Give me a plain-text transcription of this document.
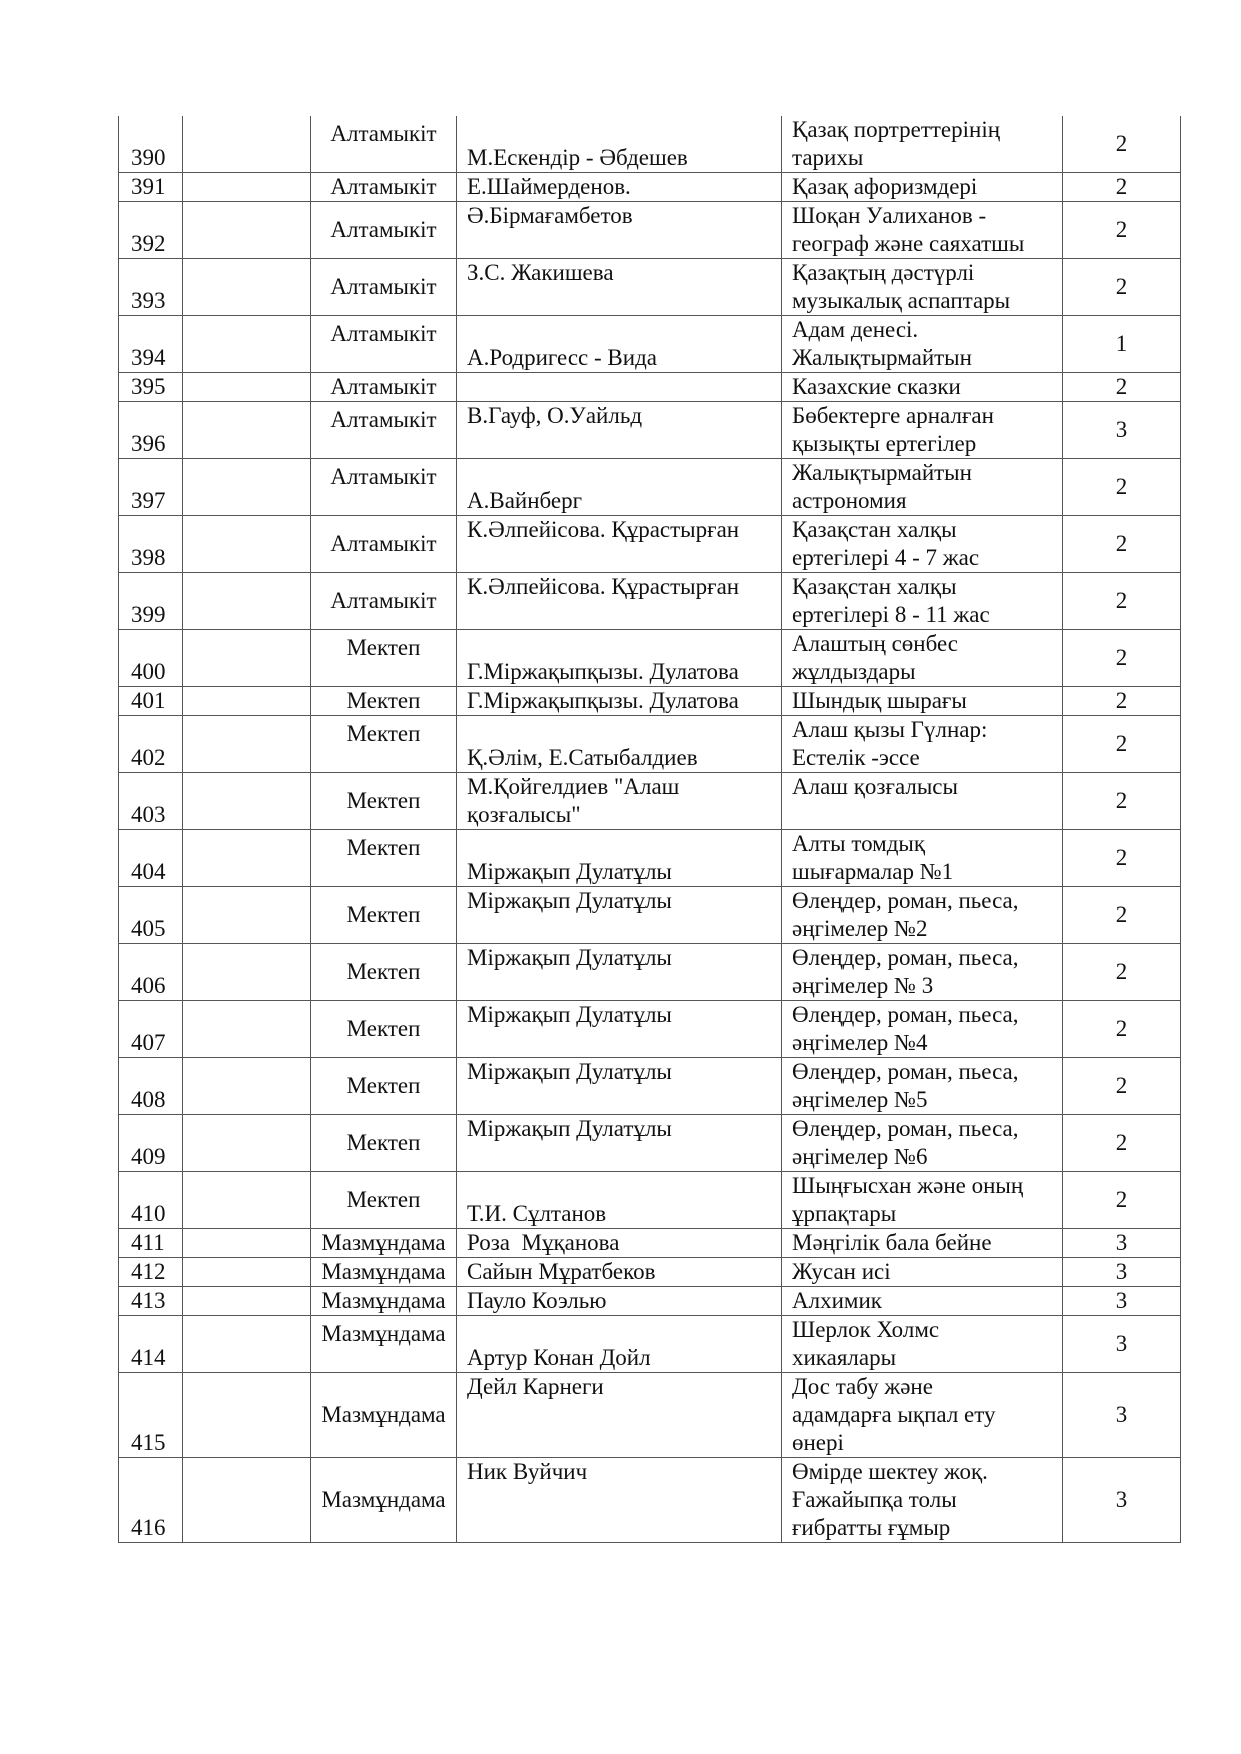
390		Алтамыкіт	М.Ескендір - Әбдешев	Қазақ портреттерінің
тарихы	2
391		Алтамыкіт	Е.Шаймерденов.	Қазақ афоризмдері	2
392		Алтамыкіт	Ә.Бірмағамбетов	Шоқан Уалиханов -
географ және саяхатшы	2
393		Алтамыкіт	З.С. Жакишева	Қазақтың дәстүрлі
музыкалық аспаптары	2
394		Алтамыкіт	А.Родригесс - Вида	Адам денесі.
Жалықтырмайтын	1
395		Алтамыкіт		Казахские сказки	2
396		Алтамыкіт	В.Гауф, О.Уайльд	Бөбектерге арналған
қызықты ертегілер	3
397		Алтамыкіт	А.Вайнберг	Жалықтырмайтын
астрономия	2
398		Алтамыкіт	К.Әлпейісова. Құрастырған	Қазақстан халқы
ертегілері 4 - 7 жас	2
399		Алтамыкіт	К.Әлпейісова. Құрастырған	Қазақстан халқы
ертегілері 8 - 11 жас	2
400		Мектеп	Г.Міржақыпқызы. Дулатова	Алаштың сөнбес
жұлдыздары	2
401		Мектеп	Г.Міржақыпқызы. Дулатова	Шындық шырағы	2
402		Мектеп	Қ.Әлім, Е.Сатыбалдиев	Алаш қызы Гүлнар:
Естелік -эссе	2
403		Мектеп	М.Қойгелдиев "Алаш
қозғалысы"	Алаш қозғалысы	2
404		Мектеп	Міржақып Дулатұлы	Алты томдық
шығармалар №1	2
405		Мектеп	Міржақып Дулатұлы	Өлеңдер, роман, пьеса,
әңгімелер №2	2
406		Мектеп	Міржақып Дулатұлы	Өлеңдер, роман, пьеса,
әңгімелер № 3	2
407		Мектеп	Міржақып Дулатұлы	Өлеңдер, роман, пьеса,
әңгімелер №4	2
408		Мектеп	Міржақып Дулатұлы	Өлеңдер, роман, пьеса,
әңгімелер №5	2
409		Мектеп	Міржақып Дулатұлы	Өлеңдер, роман, пьеса,
әңгімелер №6	2
410		Мектеп	Т.И. Сұлтанов	Шыңғысхан және оның
ұрпақтары	2
411		Мазмұндама	Роза  Мұқанова	Мәңгілік бала бейне	3
412		Мазмұндама	Сайын Мұратбеков	Жусан исі	3
413		Мазмұндама	Пауло Коэлью	Алхимик	3
414		Мазмұндама	Артур Конан Дойл	Шерлок Холмс
хикаялары	3
415		Мазмұндама	Дейл Карнеги	Дос табу және
адамдарға ықпал ету
өнері	3
416		Мазмұндама	Ник Вуйчич	Өмірде шектеу жоқ.
Ғажайыпқа толы
ғибратты ғұмыр	3
